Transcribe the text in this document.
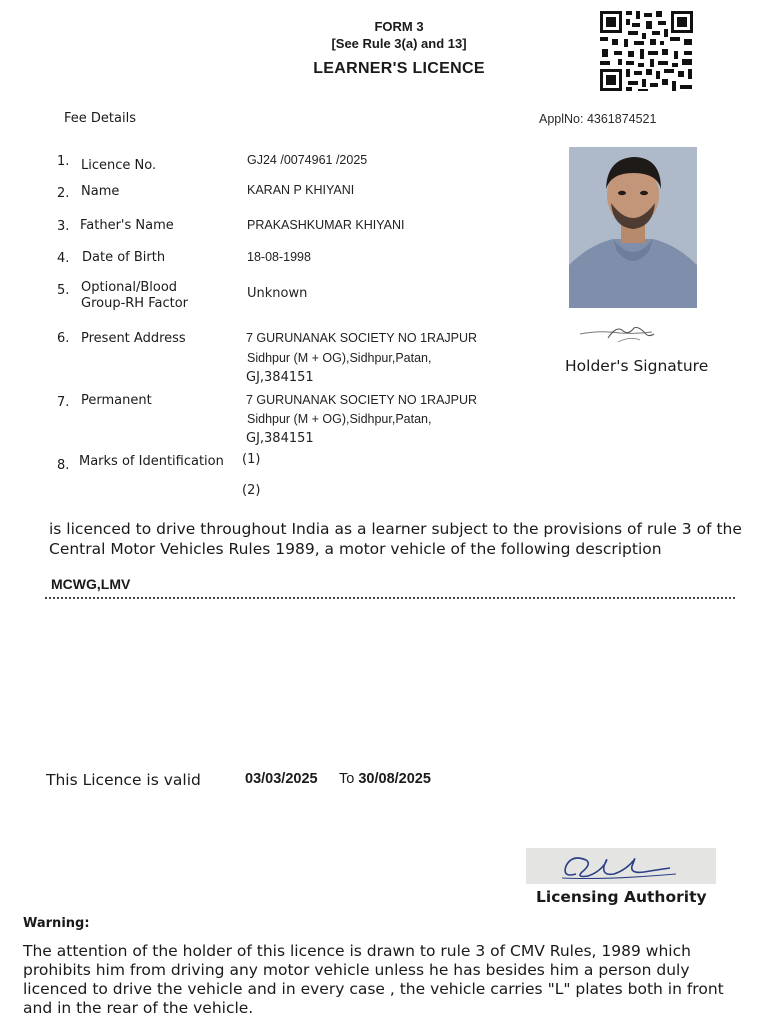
FORM 3
[See Rule 3(a) and 13]
LEARNER'S LICENCE
Fee Details	ApplNo: 4361874521
Holder's Signature
1. Licence No.	GJ24 /0074961 /2025
2. Name	KARAN P KHIYANI
3. Father's Name	PRAKASHKUMAR KHIYANI
4. Date of Birth	18-08-1998
5. Optional/Blood
Group-RH Factor
Unknown
6. Present Address	7 GURUNANAK SOCIETY NO 1RAJPUR
Sidhpur (M + OG),Sidhpur,Patan,
GJ,384151
7. Permanent	7 GURUNANAK SOCIETY NO 1RAJPUR
Sidhpur (M + OG),Sidhpur,Patan,
GJ,384151
8. Marks of Identification (1)
(2)
is licenced to drive throughout India as a learner subject to the provisions of rule 3 of the Central Motor Vehicles Rules 1989, a motor vehicle of the following description
MCWG,LMV
This Licence is valid	03/03/2025 To 30/08/2025
Licensing Authority
Warning:
The attention of the holder of this licence is drawn to rule 3 of CMV Rules, 1989 which prohibits him from driving any motor vehicle unless he has besides him a person duly licenced to drive the vehicle and in every case , the vehicle carries "L" plates both in front and in the rear of the vehicle.
